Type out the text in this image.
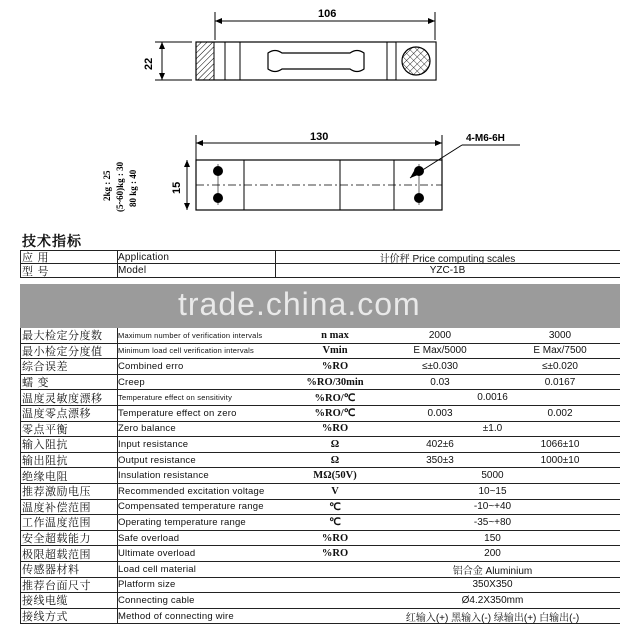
106
22
130
15
2kg : 25 (5~60)kg : 30 80 kg : 40
4-M6-6H
技术指标
应 用	Application	计价秤 Price computing scales
型 号	Model	YZC-1B
最大检定分度数	Maximum number of verification intervals	n max	2000	3000
最小检定分度值	Minimum load cell verification intervals	Vmin	E Max/5000	E Max/7500
综合误差	Combined erro	%RO	≤±0.030	≤±0.020
蠕 变	Creep	%RO/30min	0.03	0.0167
温度灵敏度漂移	Temperature effect on sensitivity	%RO/℃	0.0016
温度零点漂移	Temperature effect on zero	%RO/℃	0.003	0.002
零点平衡	Zero balance	%RO	±1.0
输入阻抗	Input resistance	Ω	402±6	1066±10
输出阻抗	Output resistance	Ω	350±3	1000±10
绝缘电阻	Insulation resistance	MΩ(50V)	5000
推荐激励电压	Recommended excitation voltage	V	10~15
温度补偿范围	Compensated temperature range	℃	-10~+40
工作温度范围	Operating temperature range	℃	-35~+80
安全超载能力	Safe overload	%RO	150
极限超载范围	Ultimate overload	%RO	200
传感器材料	Load cell material	铝合金 Aluminium
推荐台面尺寸	Platform size	350X350
接线电缆	Connecting cable	Ø4.2X350mm
接线方式	Method of connecting wire	红输入(+) 黑输入(-) 绿输出(+) 白输出(-)
trade.china.com
